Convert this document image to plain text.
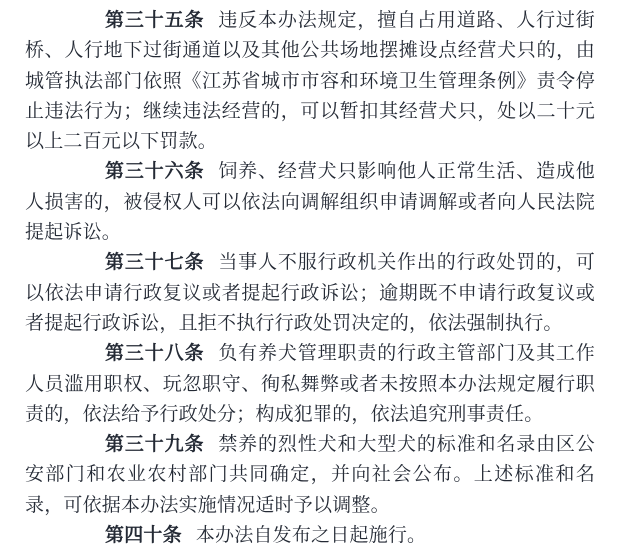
第三十五条 违反本办法规定，擅自占用道路、人行过街桥、人行地下过街通道以及其他公共场地摆摊设点经营犬只的，由城管执法部门依照《江苏省城市市容和环境卫生管理条例》责令停止违法行为；继续违法经营的，可以暂扣其经营犬只，处以二十元以上二百元以下罚款。

第三十六条 饲养、经营犬只影响他人正常生活、造成他人损害的，被侵权人可以依法向调解组织申请调解或者向人民法院提起诉讼。

第三十七条 当事人不服行政机关作出的行政处罚的，可以依法申请行政复议或者提起行政诉讼；逾期既不申请行政复议或者提起行政诉讼，且拒不执行行政处罚决定的，依法强制执行。

第三十八条 负有养犬管理职责的行政主管部门及其工作人员滥用职权、玩忽职守、徇私舞弊或者未按照本办法规定履行职责的，依法给予行政处分；构成犯罪的，依法追究刑事责任。

第三十九条 禁养的烈性犬和大型犬的标准和名录由区公安部门和农业农村部门共同确定，并向社会公布。上述标准和名录，可依据本办法实施情况适时予以调整。

第四十条 本办法自发布之日起施行。
